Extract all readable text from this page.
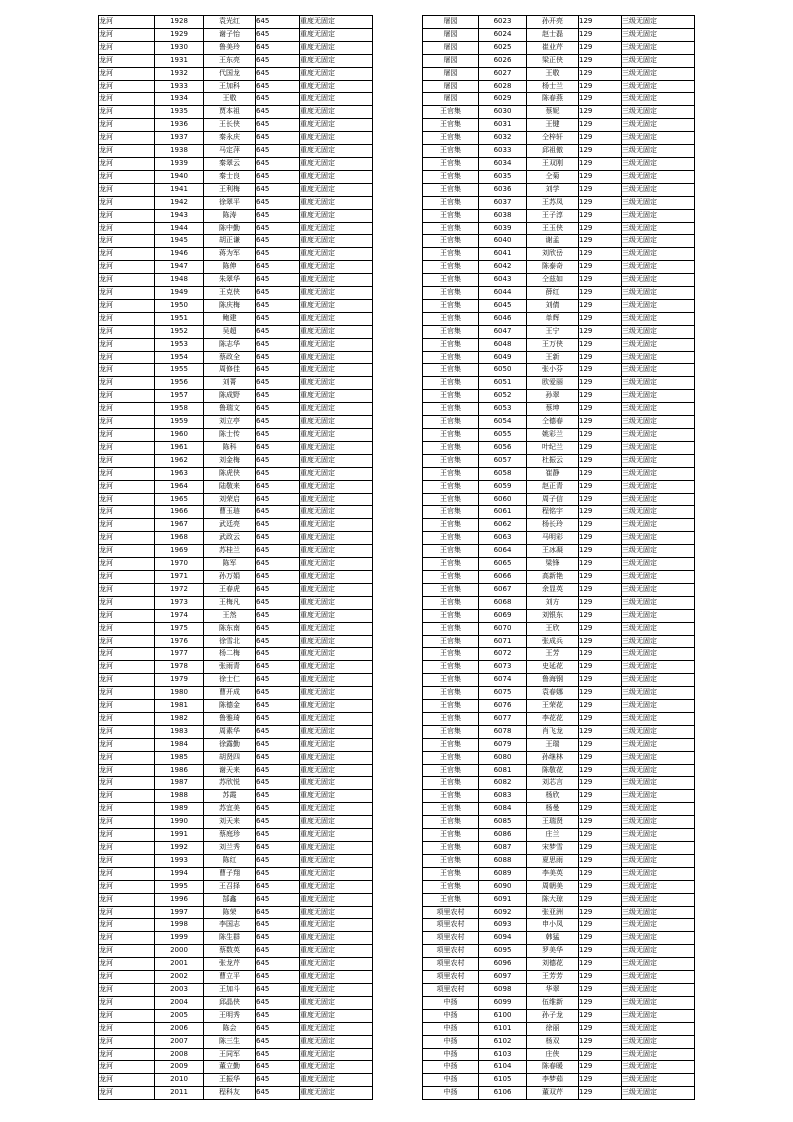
龙河	1928	袁光红	645	重度无固定
龙河	1929	谢子怡	645	重度无固定
龙河	1930	鲁美玲	645	重度无固定
龙河	1931	王东亮	645	重度无固定
龙河	1932	代国龙	645	重度无固定
龙河	1933	王加科	645	重度无固定
龙河	1934	王敬	645	重度无固定
龙河	1935	贾本祖	645	重度无固定
龙河	1936	王长侠	645	重度无固定
龙河	1937	秦永庆	645	重度无固定
龙河	1938	马定萍	645	重度无固定
龙河	1939	秦翠云	645	重度无固定
龙河	1940	秦士良	645	重度无固定
龙河	1941	王利梅	645	重度无固定
龙河	1942	徐翠平	645	重度无固定
龙河	1943	陈涛	645	重度无固定
龙河	1944	陈中勤	645	重度无固定
龙河	1945	胡正谦	645	重度无固定
龙河	1946	蒋为军	645	重度无固定
龙河	1947	陈伸	645	重度无固定
龙河	1948	朱翠华	645	重度无固定
龙河	1949	王克侠	645	重度无固定
龙河	1950	陈庆梅	645	重度无固定
龙河	1951	鲍建	645	重度无固定
龙河	1952	吴超	645	重度无固定
龙河	1953	陈志华	645	重度无固定
龙河	1954	蔡政全	645	重度无固定
龙河	1955	周修佳	645	重度无固定
龙河	1956	刘菁	645	重度无固定
龙河	1957	陈成野	645	重度无固定
龙河	1958	鲁瑞文	645	重度无固定
龙河	1959	刘立亭	645	重度无固定
龙河	1960	陈士传	645	重度无固定
龙河	1961	陈科	645	重度无固定
龙河	1962	刘金梅	645	重度无固定
龙河	1963	陈虎侠	645	重度无固定
龙河	1964	陆敬来	645	重度无固定
龙河	1965	刘荣启	645	重度无固定
龙河	1966	曹玉琏	645	重度无固定
龙河	1967	武廷亮	645	重度无固定
龙河	1968	武政云	645	重度无固定
龙河	1969	苏桂兰	645	重度无固定
龙河	1970	陈军	645	重度无固定
龙河	1971	孙万娟	645	重度无固定
龙河	1972	王春虎	645	重度无固定
龙河	1973	王梅凡	645	重度无固定
龙河	1974	王然	645	重度无固定
龙河	1975	陈东南	645	重度无固定
龙河	1976	徐雪北	645	重度无固定
龙河	1977	杨二梅	645	重度无固定
龙河	1978	张雨青	645	重度无固定
龙河	1979	徐士仁	645	重度无固定
龙河	1980	曹开成	645	重度无固定
龙河	1981	陈德金	645	重度无固定
龙河	1982	鲁雅琦	645	重度无固定
龙河	1983	周素华	645	重度无固定
龙河	1984	徐露勤	645	重度无固定
龙河	1985	胡贤四	645	重度无固定
龙河	1986	谢天来	645	重度无固定
龙河	1987	苏欣悦	645	重度无固定
龙河	1988	苏霞	645	重度无固定
龙河	1989	苏宜美	645	重度无固定
龙河	1990	刘天来	645	重度无固定
龙河	1991	蔡庭珍	645	重度无固定
龙河	1992	刘兰秀	645	重度无固定
龙河	1993	陈红	645	重度无固定
龙河	1994	曹子翔	645	重度无固定
龙河	1995	王召择	645	重度无固定
龙河	1996	郜鑫	645	重度无固定
龙河	1997	陈荣	645	重度无固定
龙河	1998	李国志	645	重度无固定
龙河	1999	陈生群	645	重度无固定
龙河	2000	蔡数英	645	重度无固定
龙河	2001	张龙芹	645	重度无固定
龙河	2002	曹立平	645	重度无固定
龙河	2003	王加斗	645	重度无固定
龙河	2004	邱晶侠	645	重度无固定
龙河	2005	王明秀	645	重度无固定
龙河	2006	陈会	645	重度无固定
龙河	2007	陈三生	645	重度无固定
龙河	2008	王同军	645	重度无固定
龙河	2009	董立勤	645	重度无固定
龙河	2010	王振华	645	重度无固定
龙河	2011	程科友	645	重度无固定
屠园	6023	孙开亮	129	三级无固定
屠园	6024	赵士磊	129	三级无固定
屠园	6025	崔业芹	129	三级无固定
屠园	6026	梁正侠	129	三级无固定
屠园	6027	王敬	129	三级无固定
屠园	6028	杨士兰	129	三级无固定
屠园	6029	陈春燕	129	三级无固定
王官集	6030	蔡妮	129	三级无固定
王官集	6031	王键	129	三级无固定
王官集	6032	仝梓轩	129	三级无固定
王官集	6033	邱祖傲	129	三级无固定
王官集	6034	王双刚	129	三级无固定
王官集	6035	仝菊	129	三级无固定
王官集	6036	刘学	129	三级无固定
王官集	6037	王苏凤	129	三级无固定
王官集	6038	王子淳	129	三级无固定
王官集	6039	王玉侠	129	三级无固定
王官集	6040	谢孟	129	三级无固定
王官集	6041	刘欣岳	129	三级无固定
王官集	6042	陈泰奇	129	三级无固定
王官集	6043	仝兹如	129	三级无固定
王官集	6044	薛红	129	三级无固定
王官集	6045	刘倩	129	三级无固定
王官集	6046	单辉	129	三级无固定
王官集	6047	王宁	129	三级无固定
王官集	6048	王万侠	129	三级无固定
王官集	6049	王新	129	三级无固定
王官集	6050	张小芬	129	三级无固定
王官集	6051	欧爱丽	129	三级无固定
王官集	6052	孙翠	129	三级无固定
王官集	6053	蔡坤	129	三级无固定
王官集	6054	仝德春	129	三级无固定
王官集	6055	姚彩兰	129	三级无固定
王官集	6056	叶纪兰	129	三级无固定
王官集	6057	杜振云	129	三级无固定
王官集	6058	崔静	129	三级无固定
王官集	6059	赵正青	129	三级无固定
王官集	6060	周子信	129	三级无固定
王官集	6061	程铭宇	129	三级无固定
王官集	6062	杨长玲	129	三级无固定
王官集	6063	马明彩	129	三级无固定
王官集	6064	王冰凝	129	三级无固定
王官集	6065	梁锋	129	三级无固定
王官集	6066	高新艳	129	三级无固定
王官集	6067	余显英	129	三级无固定
王官集	6068	刘方	129	三级无固定
王官集	6069	刘银东	129	三级无固定
王官集	6070	王欣	129	三级无固定
王官集	6071	张成兵	129	三级无固定
王官集	6072	王芳	129	三级无固定
王官集	6073	史延花	129	三级无固定
王官集	6074	鲁海钢	129	三级无固定
王官集	6075	袁春娜	129	三级无固定
王官集	6076	王荣花	129	三级无固定
王官集	6077	李花花	129	三级无固定
王官集	6078	肖飞龙	129	三级无固定
王官集	6079	王瑞	129	三级无固定
王官集	6080	孙继林	129	三级无固定
王官集	6081	陈敬花	129	三级无固定
王官集	6082	刘芯言	129	三级无固定
王官集	6083	杨欣	129	三级无固定
王官集	6084	杨曼	129	三级无固定
王官集	6085	王瑞贤	129	三级无固定
王官集	6086	庄兰	129	三级无固定
王官集	6087	宋梦雪	129	三级无固定
王官集	6088	夏思雨	129	三级无固定
王官集	6089	李美英	129	三级无固定
王官集	6090	周朝美	129	三级无固定
王官集	6091	陈大琼	129	三级无固定
项里农村	6092	张亚洲	129	三级无固定
项里农村	6093	申小凤	129	三级无固定
项里农村	6094	韩猛	129	三级无固定
项里农村	6095	罗美华	129	三级无固定
项里农村	6096	刘德花	129	三级无固定
项里农村	6097	王芳芳	129	三级无固定
项里农村	6098	华翠	129	三级无固定
中扬	6099	伍维新	129	三级无固定
中扬	6100	孙子龙	129	三级无固定
中扬	6101	徐丽	129	三级无固定
中扬	6102	杨双	129	三级无固定
中扬	6103	庄侠	129	三级无固定
中扬	6104	陈春暖	129	三级无固定
中扬	6105	李梦茹	129	三级无固定
中扬	6106	董双芹	129	三级无固定
